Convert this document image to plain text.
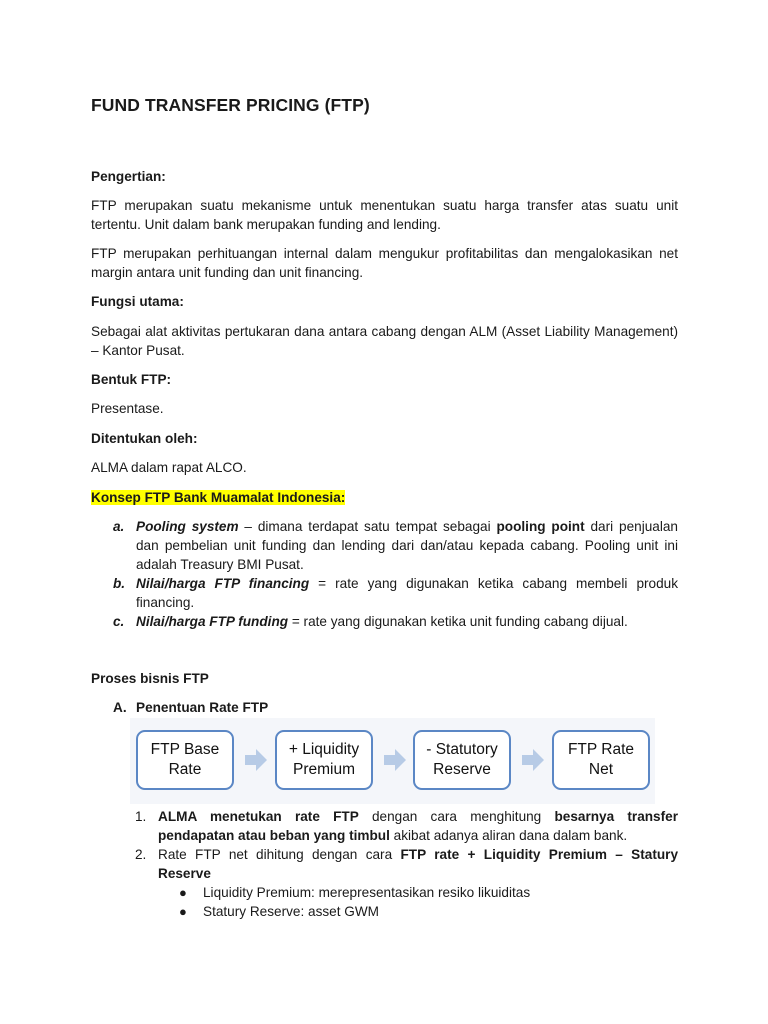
FUND TRANSFER PRICING (FTP)
Pengertian:
FTP merupakan suatu mekanisme untuk menentukan suatu harga transfer atas suatu unit tertentu. Unit dalam bank merupakan funding and lending.
FTP merupakan perhituangan internal dalam mengukur profitabilitas dan mengalokasikan net margin antara unit funding dan unit financing.
Fungsi utama:
Sebagai alat aktivitas pertukaran dana antara cabang dengan ALM (Asset Liability Management) – Kantor Pusat.
Bentuk FTP:
Presentase.
Ditentukan oleh:
ALMA dalam rapat ALCO.
Konsep FTP Bank Muamalat Indonesia:
a. Pooling system – dimana terdapat satu tempat sebagai pooling point dari penjualan dan pembelian unit funding dan lending dari dan/atau kepada cabang. Pooling unit ini adalah Treasury BMI Pusat.
b. Nilai/harga FTP financing = rate yang digunakan ketika cabang membeli produk financing.
c. Nilai/harga FTP funding = rate yang digunakan ketika unit funding cabang dijual.
Proses bisnis FTP
A. Penentuan Rate FTP
FTP Base
Rate
+ Liquidity
Premium
- Statutory
Reserve
FTP Rate
Net
1. ALMA menetukan rate FTP dengan cara menghitung besarnya transfer pendapatan atau beban yang timbul akibat adanya aliran dana dalam bank.
2. Rate FTP net dihitung dengan cara FTP rate + Liquidity Premium – Statury Reserve
● Liquidity Premium: merepresentasikan resiko likuiditas
● Statury Reserve: asset GWM
